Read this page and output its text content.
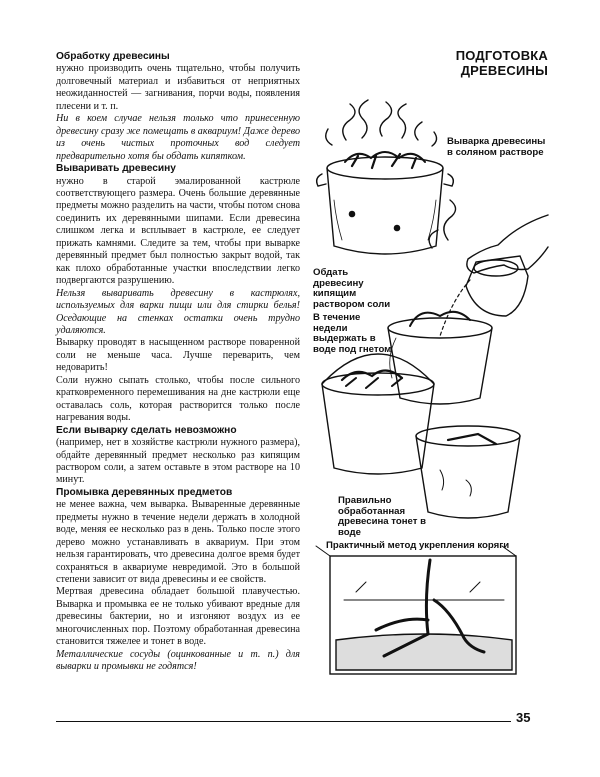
Обработку древесины

нужно производить очень тщательно, чтобы получить долговечный материал и избавиться от неприятных неожиданностей — загнивания, порчи воды, появления плесени и т. п.

Ни в коем случае нельзя только что принесенную древесину сразу же помещать в аквариум! Даже дерево из очень чистых проточных вод следует предварительно хотя бы обдать кипятком.

Вываривать древесину

нужно в старой эмалированной кастрюле соответствующего размера. Очень большие деревянные предметы можно разделить на части, чтобы потом снова соединить их деревянными шипами. Если древесина слишком легка и всплывает в кастрюле, ее следует прижать камнями. Следите за тем, чтобы при выварке деревянный предмет был полностью закрыт водой, так как плохо обработанные участки впоследствии легко подвергаются разрушению.

Нельзя вываривать древесину в кастрюлях, используемых для варки пищи или для стирки белья! Оседающие на стенках остатки очень трудно удаляются.

Выварку проводят в насыщенном растворе поваренной соли не меньше часа. Лучше переварить, чем недоварить!

Соли нужно сыпать столько, чтобы после сильного кратковременного перемешивания на дне кастрюли еще оставалась соль, которая растворится только после нагревания воды.

Если выварку сделать невозможно

(например, нет в хозяйстве кастрюли нужного размера), обдайте деревянный предмет несколько раз кипящим раствором соли, а затем оставьте в этом растворе на 10 минут.

Промывка деревянных предметов

не менее важна, чем выварка. Вываренные деревянные предметы нужно в течение недели держать в холодной воде, меняя ее несколько раз в день. Только после этого дерево можно устанавливать в аквариум. При этом нельзя гарантировать, что древесина долгое время будет сохраняться в аквариуме невредимой. Это в большой степени зависит от вида древесины и ее свойств.

Мертвая древесина обладает большой плавучестью. Выварка и промывка ее не только убивают вредные для древесины бактерии, но и изгоняют воздух из ее многочисленных пор. Поэтому обработанная древесина становится тяжелее и тонет в воде.

Металлические сосуды (оцинкованные и т. п.) для выварки и промывки не годятся!

ПОДГОТОВКА ДРЕВЕСИНЫ

Выварка древесины в соляном растворе

Обдать древесину кипящим раствором соли

В течение недели выдержать в воде под гнетом

Правильно обработанная древесина тонет в воде

Практичный метод укрепления коряги

35
